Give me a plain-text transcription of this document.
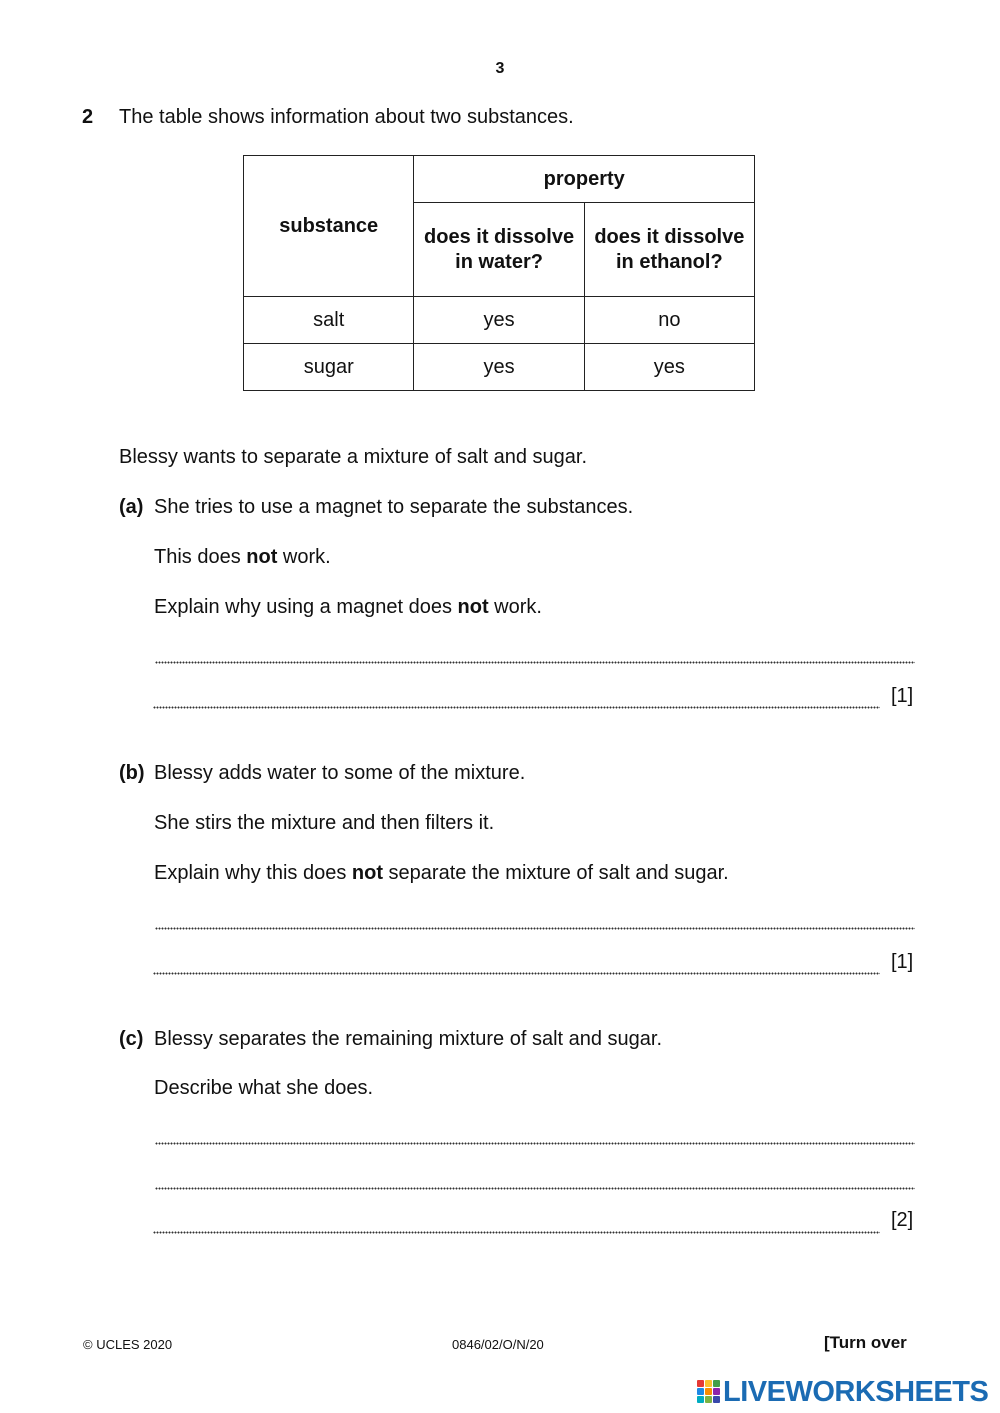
3
2 The table shows information about two substances.
substance	property	
	does it dissolve in water?	does it dissolve in ethanol?
salt	yes	no
sugar	yes	yes
Blessy wants to separate a mixture of salt and sugar.
(a) She tries to use a magnet to separate the substances.
This does not work.
Explain why using a magnet does not work.
[1]
(b) Blessy adds water to some of the mixture.
She stirs the mixture and then filters it.
Explain why this does not separate the mixture of salt and sugar.
[1]
(c) Blessy separates the remaining mixture of salt and sugar.
Describe what she does.
[2]
© UCLES 2020	0846/02/O/N/20	[Turn over
LIVEWORKSHEETS
